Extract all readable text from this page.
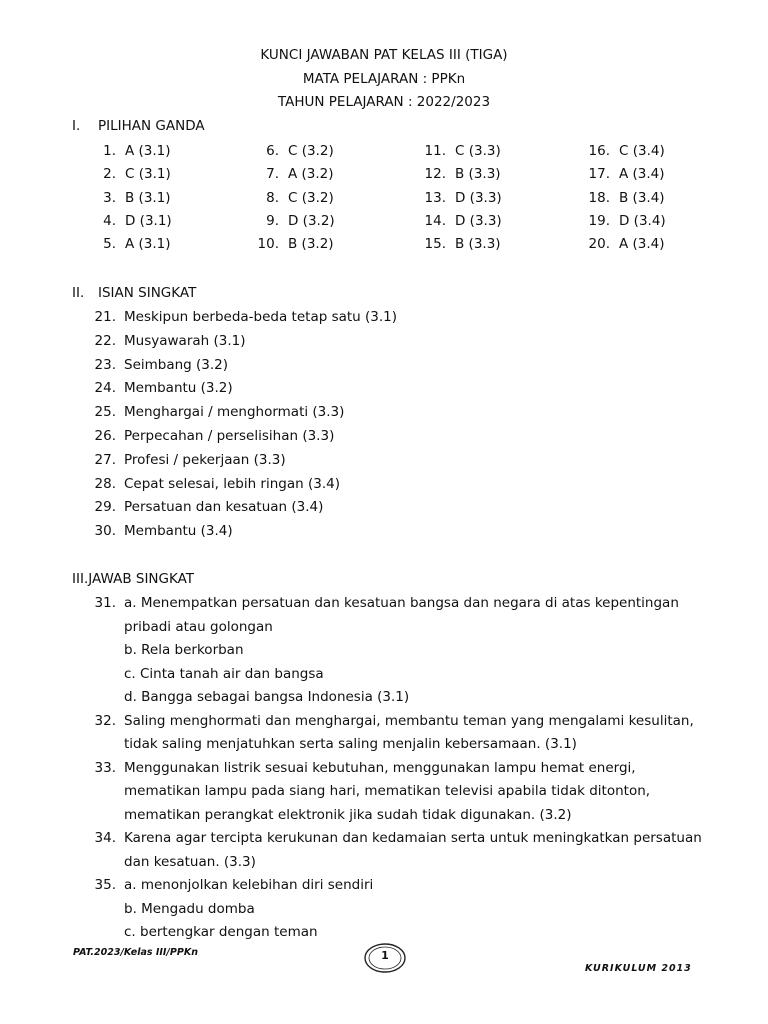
KUNCI JAWABAN PAT KELAS III (TIGA)
MATA PELAJARAN : PPKn
TAHUN PELAJARAN : 2022/2023
I. PILIHAN GANDA
1. A (3.1)	6. C (3.2)	11. C (3.3)	16. C (3.4)
2. C (3.1)	7. A (3.2)	12. B (3.3)	17. A (3.4)
3. B (3.1)	8. C (3.2)	13. D (3.3)	18. B (3.4)
4. D (3.1)	9. D (3.2)	14. D (3.3)	19. D (3.4)
5. A (3.1)	10. B (3.2)	15. B (3.3)	20. A (3.4)
II. ISIAN SINGKAT
21. Meskipun berbeda-beda tetap satu (3.1)
22. Musyawarah (3.1)
23. Seimbang (3.2)
24. Membantu (3.2)
25. Menghargai / menghormati (3.3)
26. Perpecahan / perselisihan (3.3)
27. Profesi / pekerjaan (3.3)
28. Cepat selesai, lebih ringan (3.4)
29. Persatuan dan kesatuan (3.4)
30. Membantu (3.4)
III.JAWAB SINGKAT
31. a. Menempatkan persatuan dan kesatuan bangsa dan negara di atas kepentingan
pribadi atau golongan
b. Rela berkorban
c. Cinta tanah air dan bangsa
d. Bangga sebagai bangsa Indonesia (3.1)
32. Saling menghormati dan menghargai, membantu teman yang mengalami kesulitan,
tidak saling menjatuhkan serta saling menjalin kebersamaan. (3.1)
33. Menggunakan listrik sesuai kebutuhan, menggunakan lampu hemat energi,
mematikan lampu pada siang hari, mematikan televisi apabila tidak ditonton,
mematikan perangkat elektronik jika sudah tidak digunakan. (3.2)
34. Karena agar tercipta kerukunan dan kedamaian serta untuk meningkatkan persatuan
dan kesatuan. (3.3)
35. a. menonjolkan kelebihan diri sendiri
b. Mengadu domba
c. bertengkar dengan teman
PAT.2023/Kelas III/PPKn	1
KURIKULUM 2013
